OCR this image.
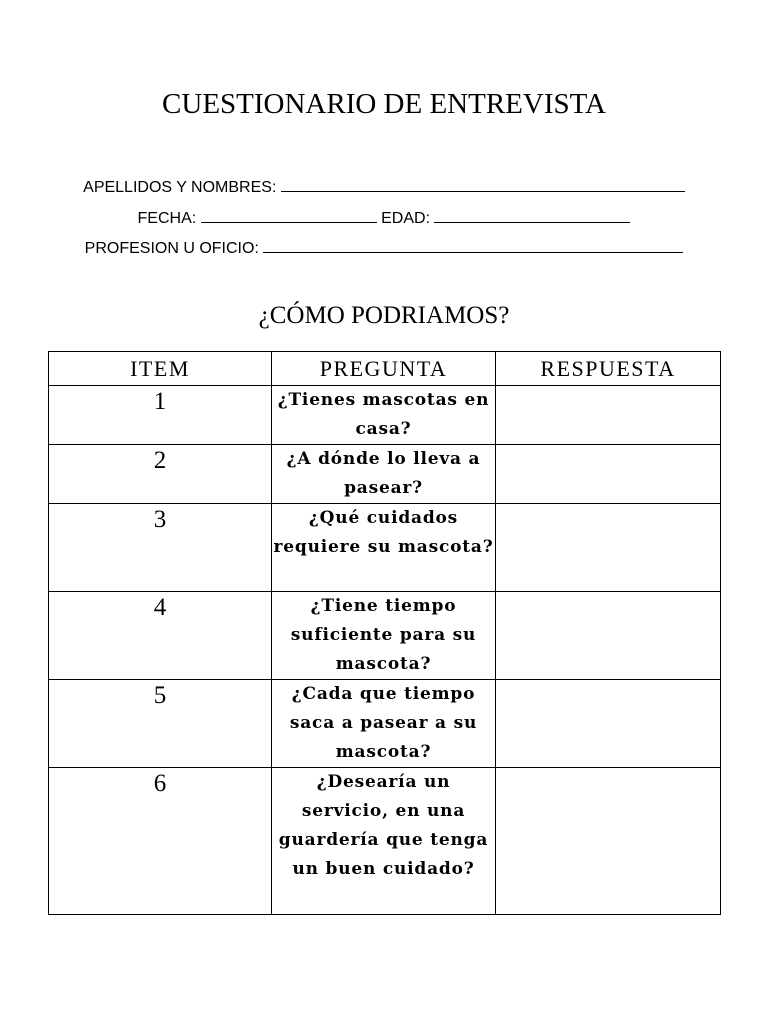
CUESTIONARIO DE ENTREVISTA
APELLIDOS Y NOMBRES:
FECHA:	EDAD:
PROFESION U OFICIO:
¿CÓMO PODRIAMOS?
ITEM	PREGUNTA	RESPUESTA
1	¿Tienes mascotas en casa?	
2	¿A dónde lo lleva a pasear?	
3	¿Qué cuidados requiere su mascota?	
4	¿Tiene tiempo suficiente para su mascota?	
5	¿Cada que tiempo saca a pasear a su mascota?	
6	¿Desearía un servicio, en una guardería que tenga un buen cuidado?	
